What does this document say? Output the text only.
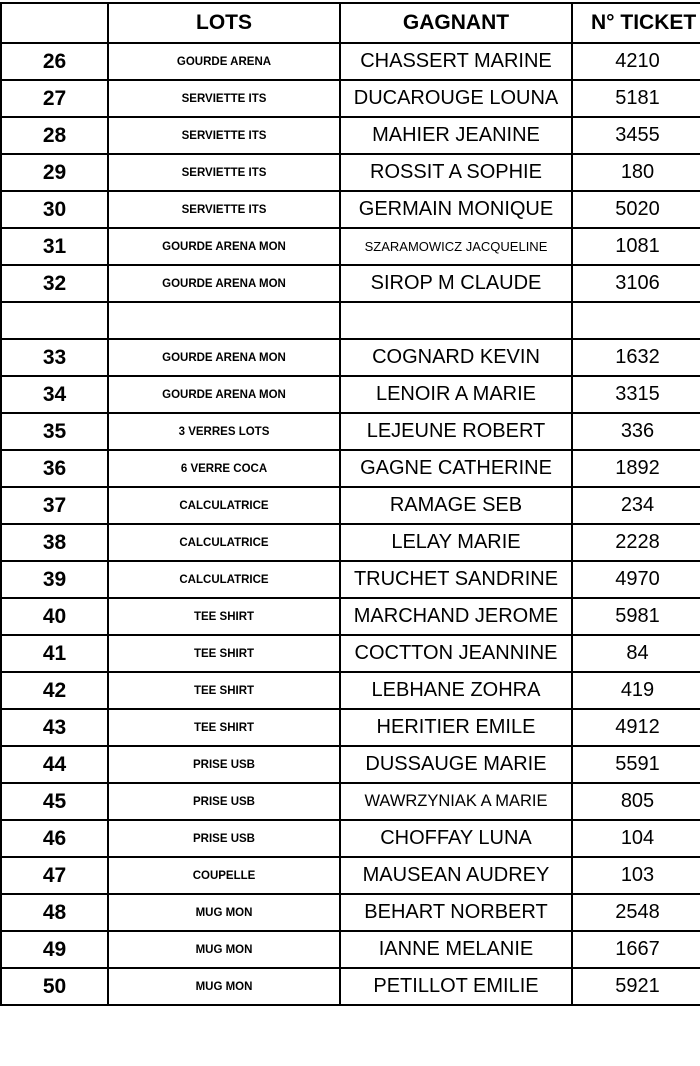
	LOTS	GAGNANT	N° TICKET
26	GOURDE ARENA	CHASSERT MARINE	4210
27	SERVIETTE ITS	DUCAROUGE LOUNA	5181
28	SERVIETTE ITS	MAHIER JEANINE	3455
29	SERVIETTE ITS	ROSSIT A SOPHIE	180
30	SERVIETTE ITS	GERMAIN MONIQUE	5020
31	GOURDE ARENA MON	SZARAMOWICZ JACQUELINE	1081
32	GOURDE ARENA MON	SIROP M CLAUDE	3106

33	GOURDE ARENA MON	COGNARD KEVIN	1632
34	GOURDE ARENA MON	LENOIR A MARIE	3315
35	3 VERRES LOTS	LEJEUNE ROBERT	336
36	6 VERRE COCA	GAGNE CATHERINE	1892
37	CALCULATRICE	RAMAGE SEB	234
38	CALCULATRICE	LELAY MARIE	2228
39	CALCULATRICE	TRUCHET SANDRINE	4970
40	TEE SHIRT	MARCHAND JEROME	5981
41	TEE SHIRT	COCTTON JEANNINE	84
42	TEE SHIRT	LEBHANE ZOHRA	419
43	TEE SHIRT	HERITIER EMILE	4912
44	PRISE USB	DUSSAUGE MARIE	5591
45	PRISE USB	WAWRZYNIAK A MARIE	805
46	PRISE USB	CHOFFAY LUNA	104
47	COUPELLE	MAUSEAN AUDREY	103
48	MUG MON	BEHART NORBERT	2548
49	MUG MON	IANNE MELANIE	1667
50	MUG MON	PETILLOT EMILIE	5921
